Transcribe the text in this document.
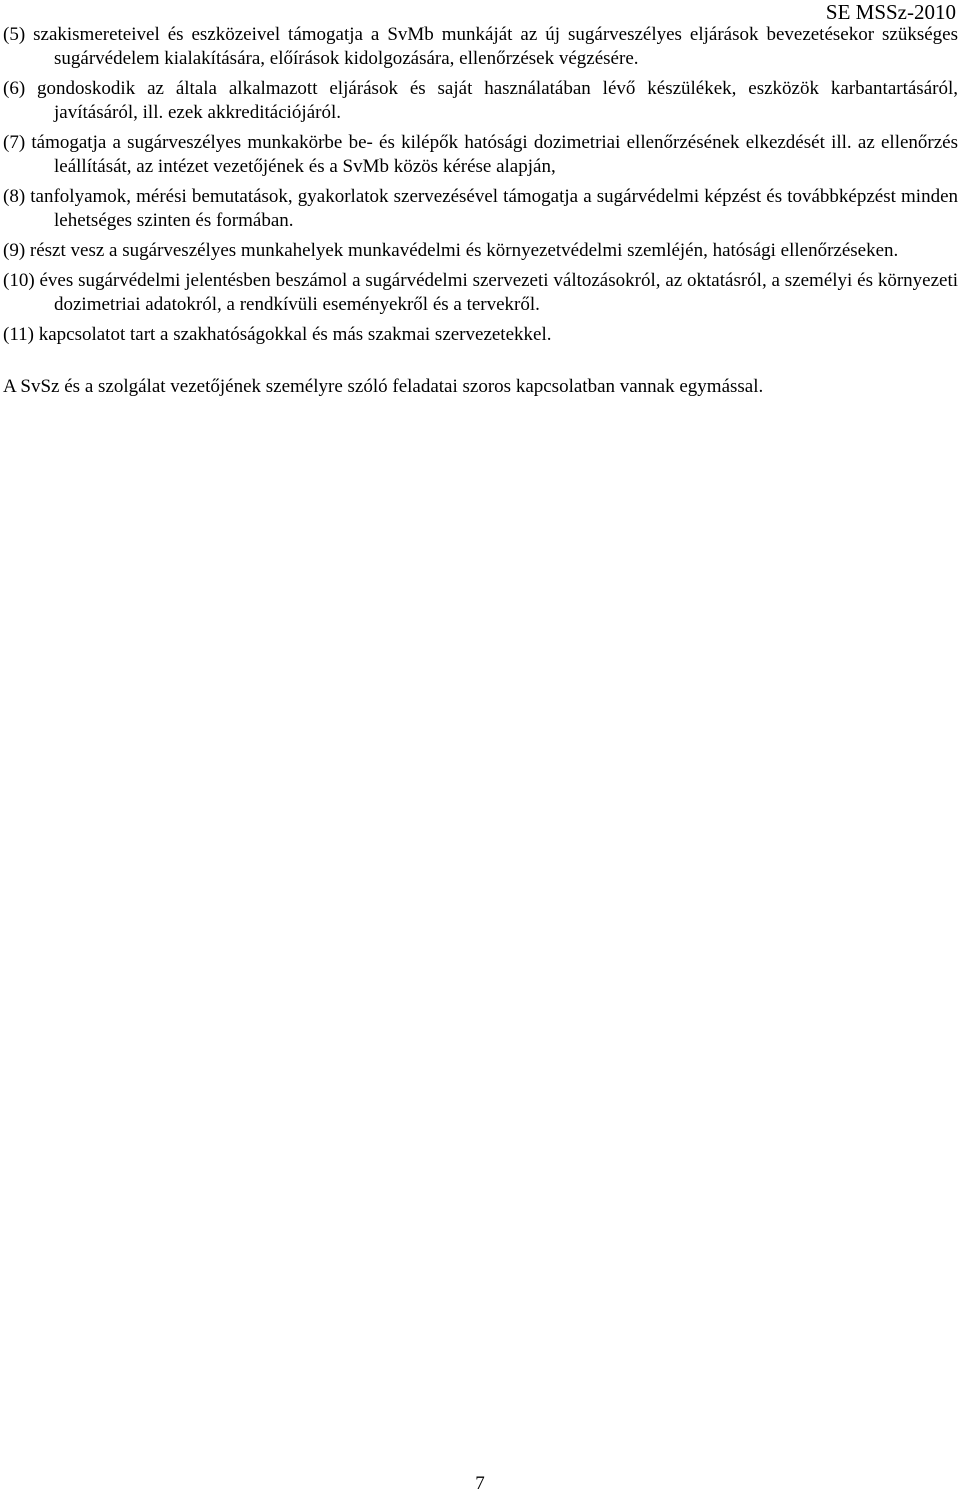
SE MSSz-2010

(5) szakismereteivel és eszközeivel támogatja a SvMb munkáját az új sugárveszélyes eljárások bevezetésekor szükséges sugárvédelem kialakítására, előírások kidolgozására, ellenőrzések végzésére.

(6) gondoskodik az általa alkalmazott eljárások és saját használatában lévő készülékek, eszközök karbantartásáról, javításáról, ill. ezek akkreditációjáról.

(7) támogatja a sugárveszélyes munkakörbe be- és kilépők hatósági dozimetriai ellenőrzésének elkezdését ill. az ellenőrzés leállítását, az intézet vezetőjének és a SvMb közös kérése alapján,

(8) tanfolyamok, mérési bemutatások, gyakorlatok szervezésével támogatja a sugárvédelmi képzést és továbbképzést minden lehetséges szinten és formában.

(9) részt vesz a sugárveszélyes munkahelyek munkavédelmi és környezetvédelmi szemléjén, hatósági ellenőrzéseken.

(10) éves sugárvédelmi jelentésben beszámol a sugárvédelmi szervezeti változásokról, az oktatásról, a személyi és környezeti dozimetriai adatokról, a rendkívüli eseményekről és a tervekről.

(11) kapcsolatot tart a szakhatóságokkal és más szakmai szervezetekkel.

A SvSz és a szolgálat vezetőjének személyre szóló feladatai szoros kapcsolatban vannak egymással.

7
